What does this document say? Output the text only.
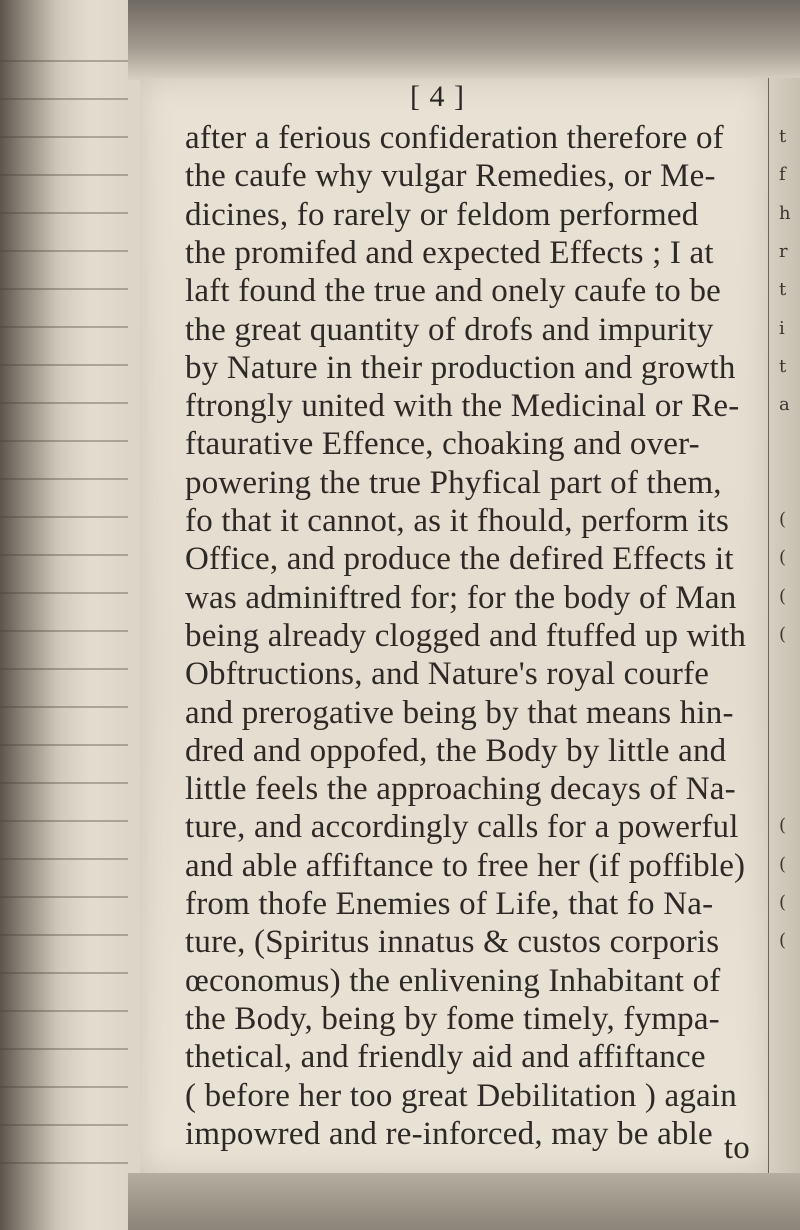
t
f
h
r
t
i
t
a
(
(
(
(
(
(
(
(
[ 4 ]
after a ferious confideration therefore of
the caufe why vulgar Remedies, or Me-
dicines, fo rarely or feldom performed
the promifed and expected Effects ; I at
laft found the true and onely caufe to be
the great quantity of drofs and impurity
by Nature in their production and growth
ftrongly united with the Medicinal or Re-
ftaurative Effence, choaking and over-
powering the true Phyfical part of them,
fo that it cannot, as it fhould, perform its
Office, and produce the defired Effects it
was adminiftred for; for the body of Man
being already clogged and ftuffed up with
Obftructions, and Nature's royal courfe
and prerogative being by that means hin-
dred and oppofed, the Body by little and
little feels the approaching decays of Na-
ture, and accordingly calls for a powerful
and able affiftance to free her (if poffible)
from thofe Enemies of Life, that fo Na-
ture, (Spiritus innatus & custos corporis
œconomus) the enlivening Inhabitant of
the Body, being by fome timely, fympa-
thetical, and friendly aid and affiftance
( before her too great Debilitation ) again
impowred and re-inforced, may be able to
